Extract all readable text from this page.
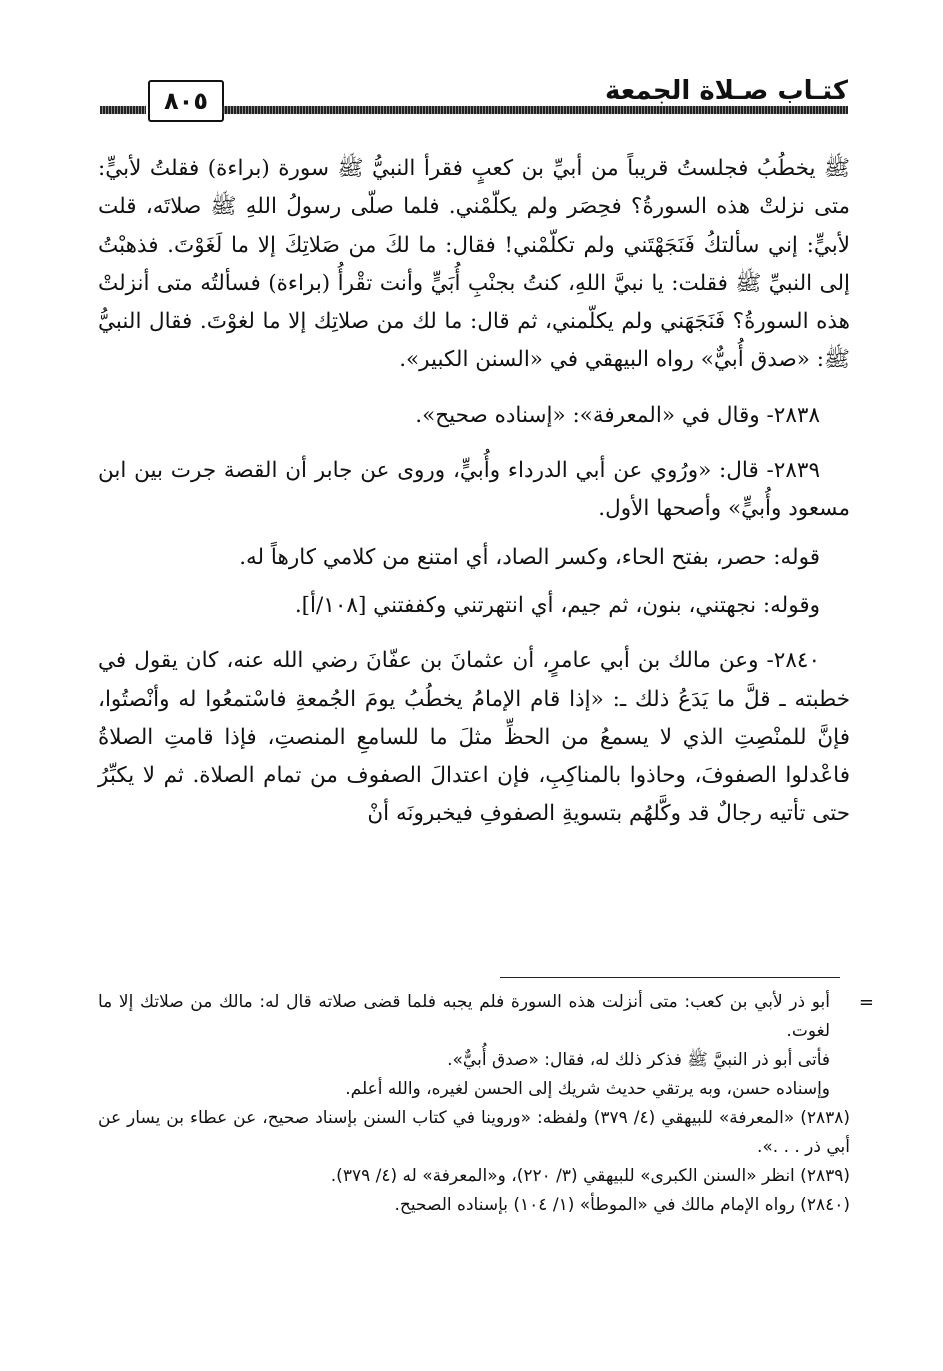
٨٠٥	كتـاب صـلاة الجمعة

ﷺ يخطُبُ فجلستُ قريباً من أبيِّ بن كعبٍ فقرأ النبيُّ ﷺ سورة (براءة) فقلتُ لأبيٍّ: متى نزلتْ هذه السورةُ؟ فحِصَر ولم يكلّمْني. فلما صلّى رسولُ اللهِ ﷺ صلاتَه، قلت لأبيٍّ: إني سألتكُ فَنَجَهْتَني ولم تكلّمْني! فقال: ما لكَ من صَلاتِكَ إلا ما لَغَوْتَ. فذهبْتُ إلى النبيِّ ﷺ فقلت: يا نبيَّ اللهِ، كنتُ بجنْبِ أُبَيٍّ وأنت تقْرأُ (براءة) فسألتُه متى أنزلتْ هذه السورةُ؟ فَنَجَهَني ولم يكلّمني، ثم قال: ما لك من صلاتِك إلا ما لغوْتَ. فقال النبيُّ ﷺ: «صدق أُبيٌّ» رواه البيهقي في «السنن الكبير».

٢٨٣٨- وقال في «المعرفة»: «إسناده صحيح».

٢٨٣٩- قال: «ورُوي عن أبي الدرداء وأُبيٍّ، وروى عن جابر أن القصة جرت بين ابن مسعود وأُبيٍّ» وأصحها الأول.

قوله: حصر، بفتح الحاء، وكسر الصاد، أي امتنع من كلامي كارهاً له.

وقوله: نجهتني، بنون، ثم جيم، أي انتهرتني وكففتني [١٠٨/أ].

٢٨٤٠- وعن مالك بن أبي عامرٍ، أن عثمانَ بن عفّانَ رضي الله عنه، كان يقول في خطبته ـ قلَّ ما يَدَعُ ذلك ـ: «إذا قام الإمامُ يخطُبُ يومَ الجُمعةِ فاسْتمعُوا له وأنْصتُوا، فإنَّ للمنْصِتِ الذي لا يسمعُ من الحظِّ مثلَ ما للسامعِ المنصتِ، فإذا قامتِ الصلاةُ فاعْدلوا الصفوفَ، وحاذوا بالمناكِبِ، فإن اعتدالَ الصفوف من تمام الصلاة. ثم لا يكبِّرُ حتى تأتيه رجالٌ قد وكَّلهُم بتسويةِ الصفوفِ فيخبرونَه أنْ

=

أبو ذر لأبي بن كعب: متى أنزلت هذه السورة فلم يجبه فلما قضى صلاته قال له: مالك من صلاتك إلا ما لغوت.

فأتى أبو ذر النبيَّ ﷺ فذكر ذلك له، فقال: «صدق أُبيٌّ».

وإسناده حسن، وبه يرتقي حديث شريك إلى الحسن لغيره، والله أعلم.

(٢٨٣٨) «المعرفة» للبيهقي (٤/ ٣٧٩) ولفظه: «وروينا في كتاب السنن بإسناد صحيح، عن عطاء بن يسار عن أبي ذر . . .».

(٢٨٣٩) انظر «السنن الكبرى» للبيهقي (٣/ ٢٢٠)، و«المعرفة» له (٤/ ٣٧٩).

(٢٨٤٠) رواه الإمام مالك في «الموطأ» (١/ ١٠٤) بإسناده الصحيح.
